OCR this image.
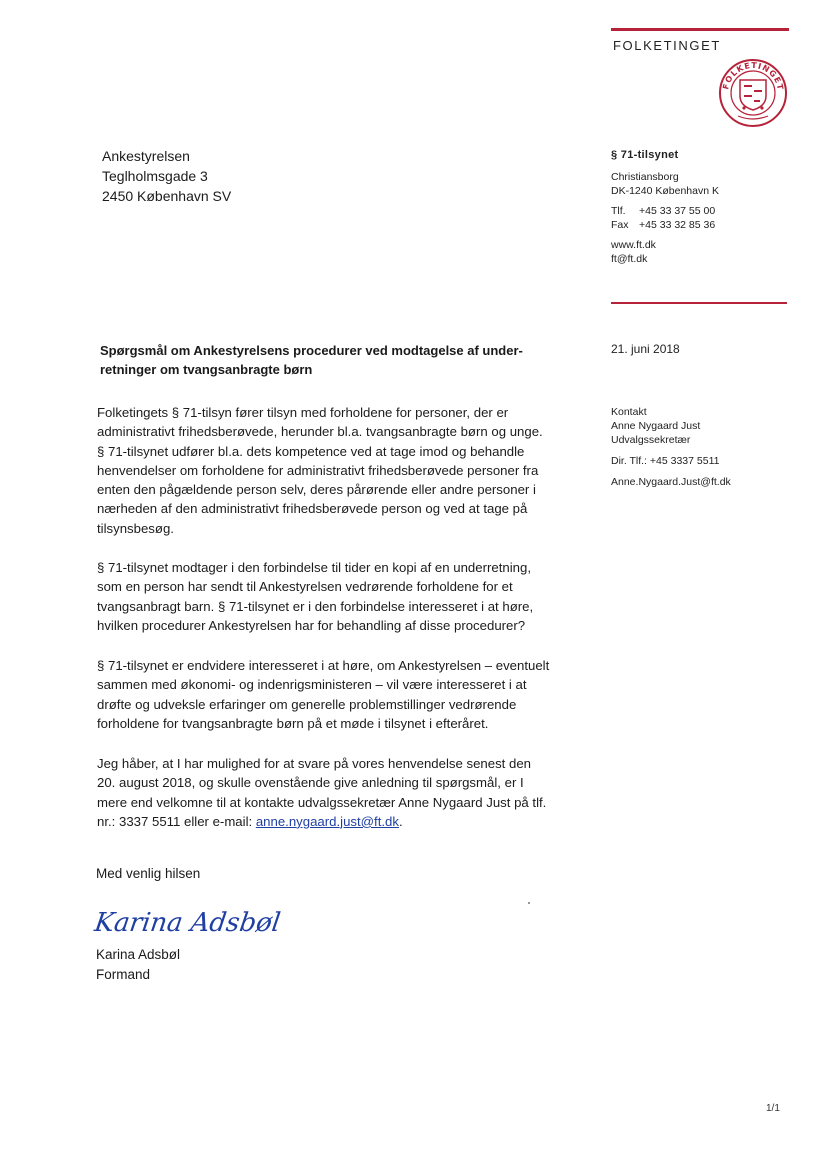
FOLKETINGET
FOLKETINGET
Ankestyrelsen
Teglholmsgade 3
2450 København SV
§ 71-tilsynet
Christiansborg
DK-1240 København K
Tlf. +45 33 37 55 00
Fax +45 33 32 85 36
www.ft.dk
ft@ft.dk
Spørgsmål om Ankestyrelsens procedurer ved modtagelse af under-
retninger om tvangsanbragte børn
21. juni 2018
Kontakt
Anne Nygaard Just
Udvalgssekretær
Dir. Tlf.: +45 3337 5511
Anne.Nygaard.Just@ft.dk
Folketingets § 71-tilsyn fører tilsyn med forholdene for personer, der er
administrativt frihedsberøvede, herunder bl.a. tvangsanbragte børn og unge.
§ 71-tilsynet udfører bl.a. dets kompetence ved at tage imod og behandle
henvendelser om forholdene for administrativt frihedsberøvede personer fra
enten den pågældende person selv, deres pårørende eller andre personer i
nærheden af den administrativt frihedsberøvede person og ved at tage på
tilsynsbesøg.
§ 71-tilsynet modtager i den forbindelse til tider en kopi af en underretning,
som en person har sendt til Ankestyrelsen vedrørende forholdene for et
tvangsanbragt barn. § 71-tilsynet er i den forbindelse interesseret i at høre,
hvilken procedurer Ankestyrelsen har for behandling af disse procedurer?
§ 71-tilsynet er endvidere interesseret i at høre, om Ankestyrelsen – eventuelt
sammen med økonomi- og indenrigsministeren – vil være interesseret i at
drøfte og udveksle erfaringer om generelle problemstillinger vedrørende
forholdene for tvangsanbragte børn på et møde i tilsynet i efteråret.
Jeg håber, at I har mulighed for at svare på vores henvendelse senest den
20. august 2018, og skulle ovenstående give anledning til spørgsmål, er I
mere end velkomne til at kontakte udvalgssekretær Anne Nygaard Just på tlf.
nr.: 3337 5511 eller e-mail: anne.nygaard.just@ft.dk.
Med venlig hilsen
Karina Adsbøl
Karina Adsbøl
Formand
1/1
